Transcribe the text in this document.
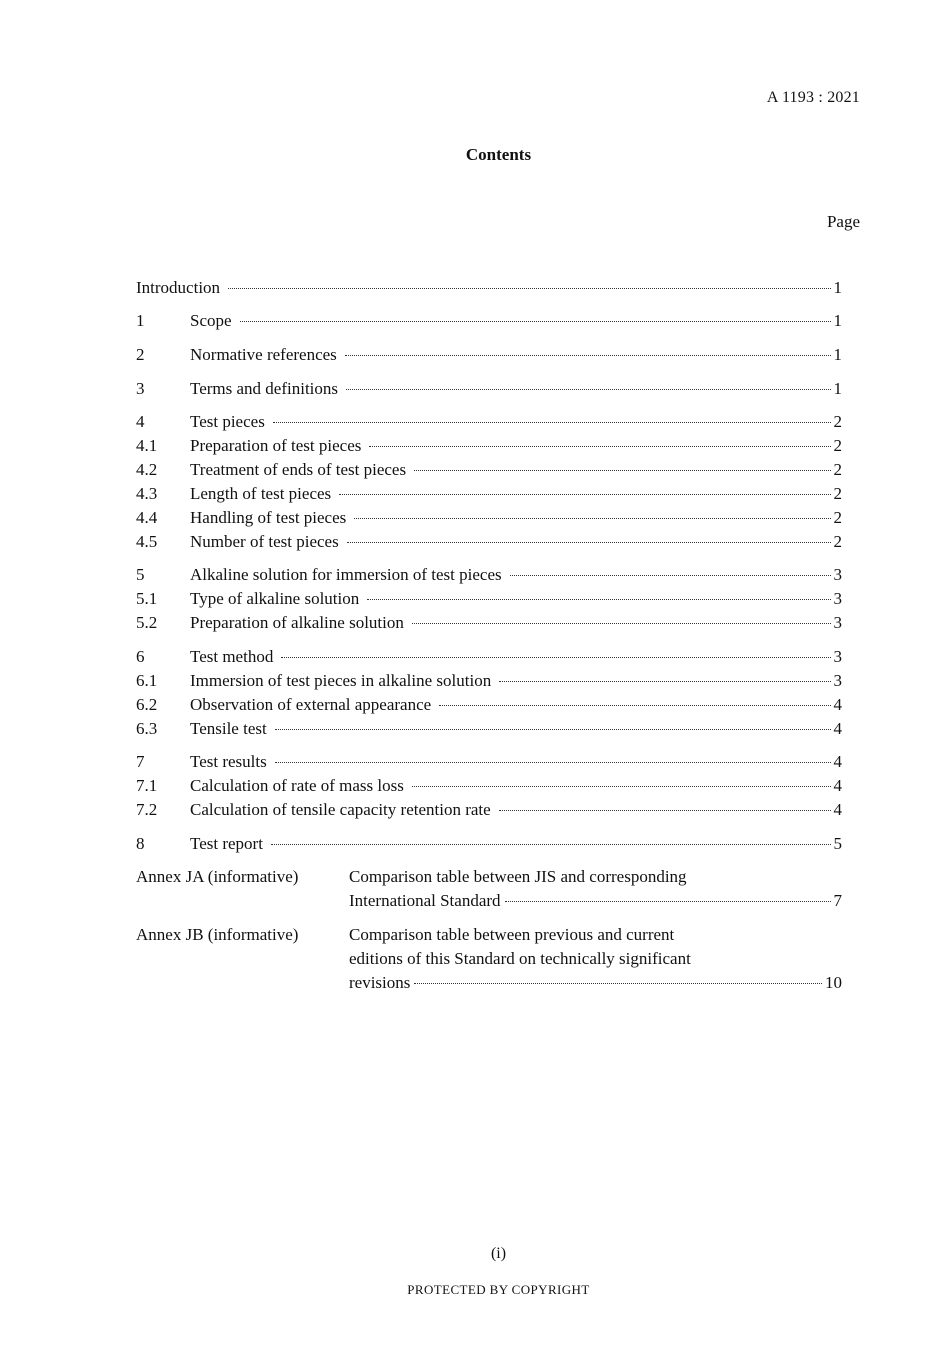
A 1193 : 2021
Contents
Page
Introduction	1
1	Scope	1
2	Normative references	1
3	Terms and definitions	1
4	Test pieces	2
4.1	Preparation of test pieces	2
4.2	Treatment of ends of test pieces	2
4.3	Length of test pieces	2
4.4	Handling of test pieces	2
4.5	Number of test pieces	2
5	Alkaline solution for immersion of test pieces	3
5.1	Type of alkaline solution	3
5.2	Preparation of alkaline solution	3
6	Test method	3
6.1	Immersion of test pieces in alkaline solution	3
6.2	Observation of external appearance	4
6.3	Tensile test	4
7	Test results	4
7.1	Calculation of rate of mass loss	4
7.2	Calculation of tensile capacity retention rate	4
8	Test report	5
Annex JA (informative)	Comparison table between JIS and corresponding
International Standard	7
Annex JB (informative)	Comparison table between previous and current
editions of this Standard on technically significant
revisions	10
(i)
PROTECTED BY COPYRIGHT
